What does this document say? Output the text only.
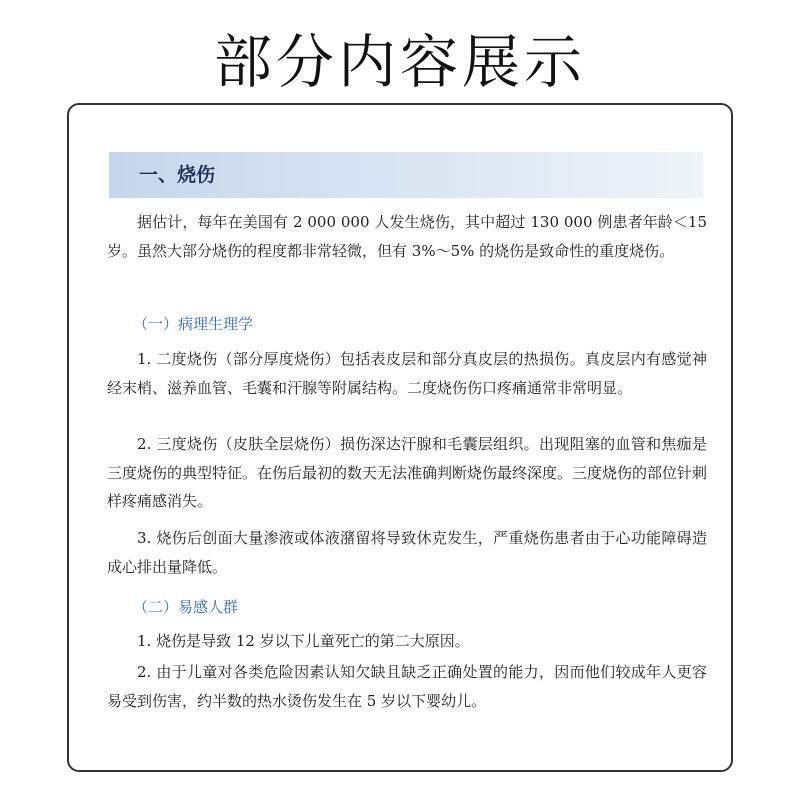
部分内容展示
一、烧伤

据估计，每年在美国有 2 000 000 人发生烧伤，其中超过 130 000 例患者年龄＜15 岁。虽然大部分烧伤的程度都非常轻微，但有 3%～5% 的烧伤是致命性的重度烧伤。

（一）病理生理学

1. 二度烧伤（部分厚度烧伤）包括表皮层和部分真皮层的热损伤。真皮层内有感觉神经末梢、滋养血管、毛囊和汗腺等附属结构。二度烧伤伤口疼痛通常非常明显。

2. 三度烧伤（皮肤全层烧伤）损伤深达汗腺和毛囊层组织。出现阻塞的血管和焦痂是三度烧伤的典型特征。在伤后最初的数天无法准确判断烧伤最终深度。三度烧伤的部位针刺样疼痛感消失。

3. 烧伤后创面大量渗液或体液潴留将导致休克发生，严重烧伤患者由于心功能障碍造成心排出量降低。

（二）易感人群

1. 烧伤是导致 12 岁以下儿童死亡的第二大原因。

2. 由于儿童对各类危险因素认知欠缺且缺乏正确处置的能力，因而他们较成年人更容易受到伤害，约半数的热水烫伤发生在 5 岁以下婴幼儿。
